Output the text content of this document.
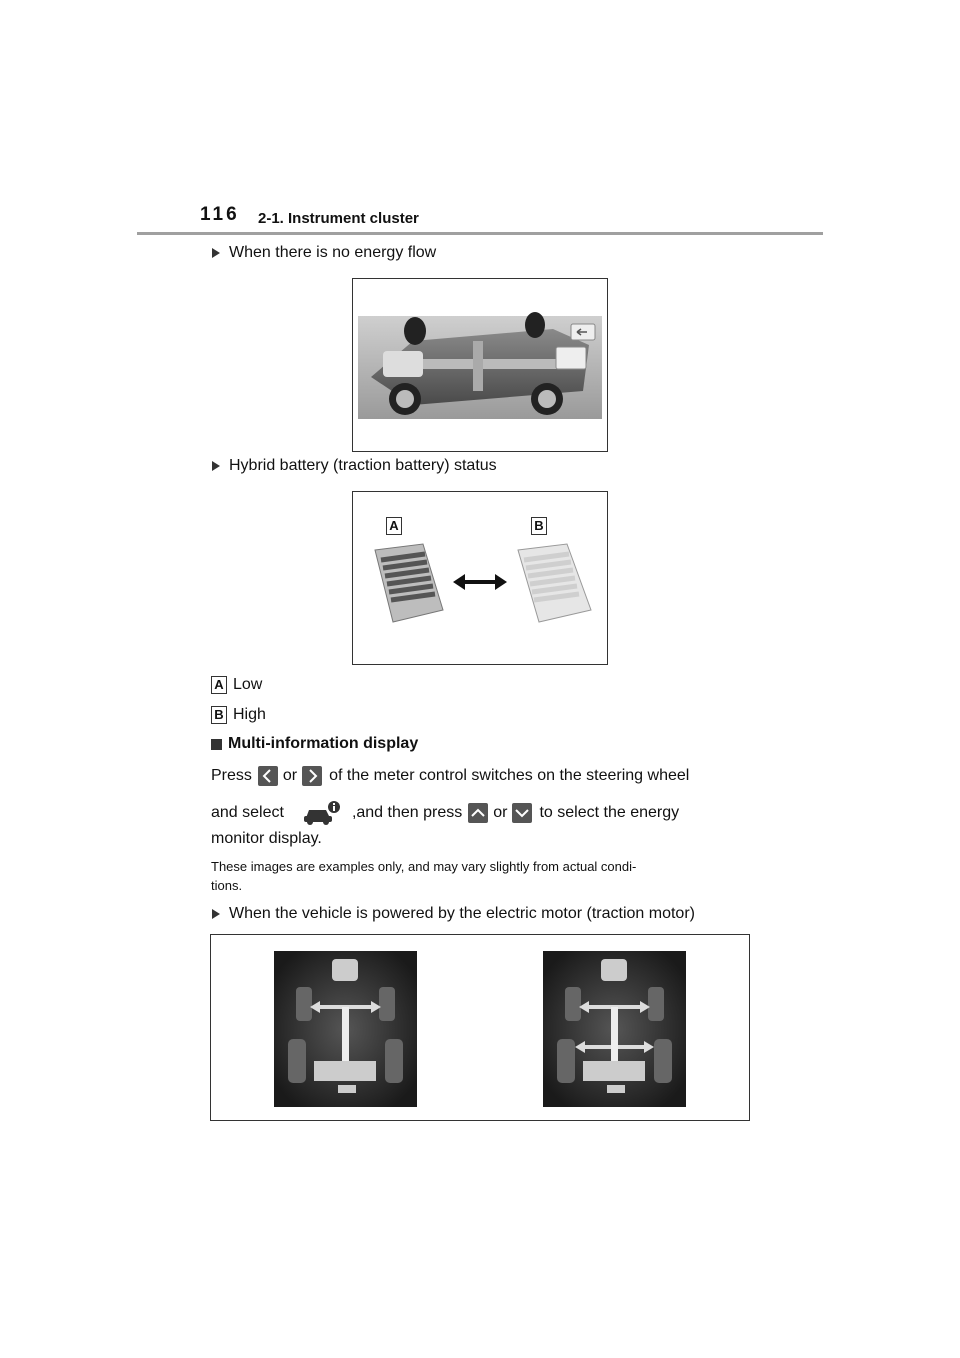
116 2-1. Instrument cluster
When there is no energy flow
Hybrid battery (traction battery) status
A	B
A Low
B High
Multi-information display
Press or of the meter control switches on the steering wheel
and select	,and then press or to select the energy
monitor display.
These images are examples only, and may vary slightly from actual condi-
tions.
When the vehicle is powered by the electric motor (traction motor)
